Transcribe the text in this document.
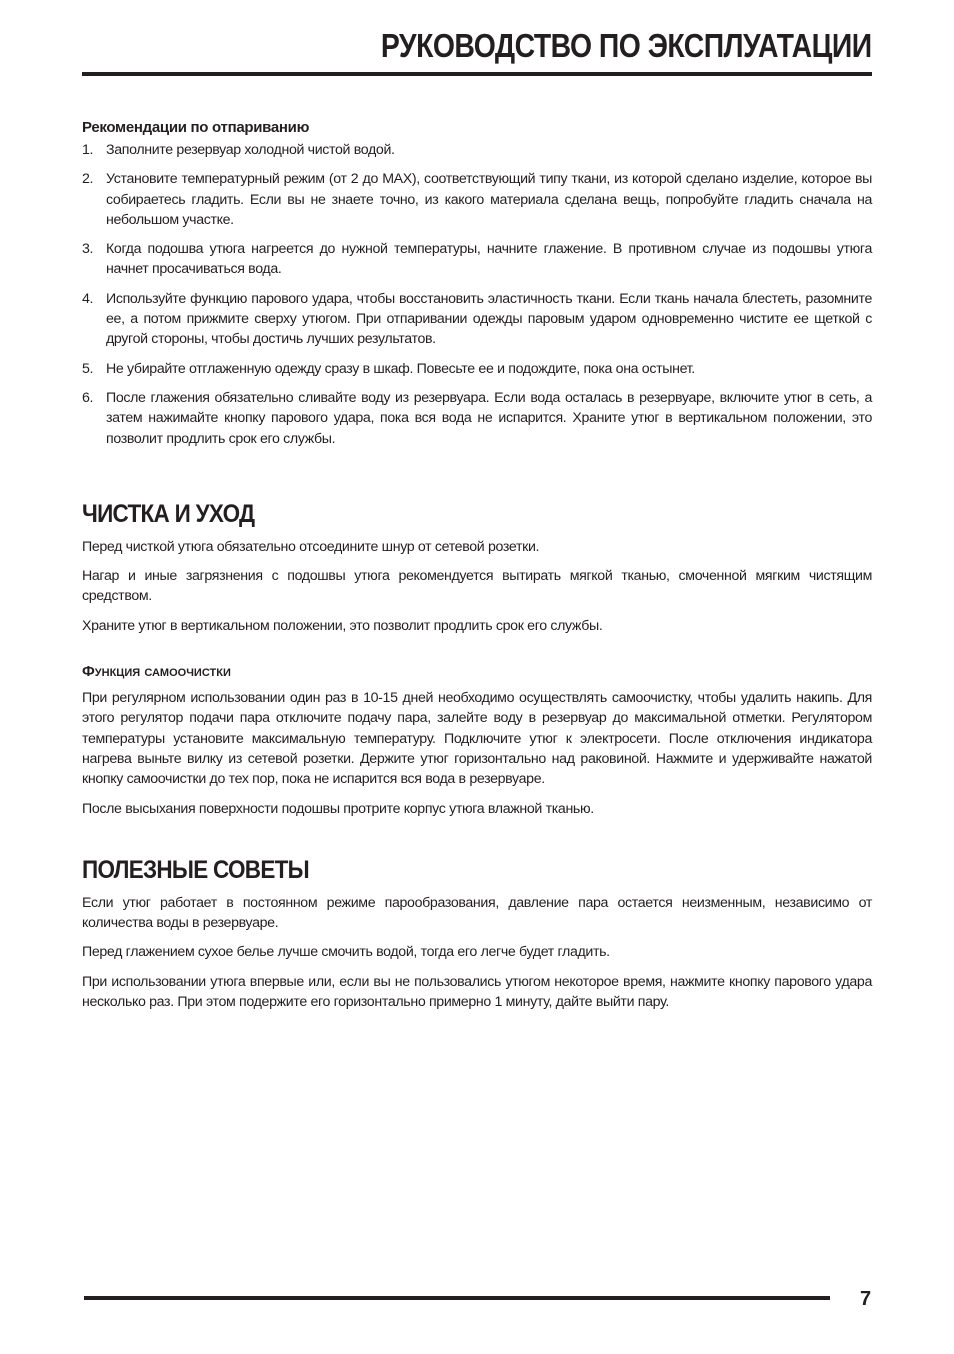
РУКОВОДСТВО ПО ЭКСПЛУАТАЦИИ
Рекомендации по отпариванию
1. Заполните резервуар холодной чистой водой.
2. Установите температурный режим (от 2 до MAX), соответствующий типу ткани, из которой сделано изделие, которое вы собираетесь гладить. Если вы не знаете точно, из какого материала сделана вещь, попробуйте гладить сначала на небольшом участке.
3. Когда подошва утюга нагреется до нужной температуры, начните глажение. В противном случае из подошвы утюга начнет просачиваться вода.
4. Используйте функцию парового удара, чтобы восстановить эластичность ткани. Если ткань начала блестеть, разомните ее, а потом прижмите сверху утюгом. При отпаривании одежды паровым ударом одновременно чистите ее щеткой с другой стороны, чтобы достичь лучших результатов.
5. Не убирайте отглаженную одежду сразу в шкаф. Повесьте ее и подождите, пока она остынет.
6. После глажения обязательно сливайте воду из резервуара. Если вода осталась в резервуаре, включите утюг в сеть, а затем нажимайте кнопку парового удара, пока вся вода не испарится. Храните утюг в вертикальном положении, это позволит продлить срок его службы.
ЧИСТКА И УХОД

Перед чисткой утюга обязательно отсоедините шнур от сетевой розетки.

Нагар и иные загрязнения с подошвы утюга рекомендуется вытирать мягкой тканью, смоченной мягким чистящим средством.

Храните утюг в вертикальном положении, это позволит продлить срок его службы.

Функция самоочистки

При регулярном использовании один раз в 10-15 дней необходимо осуществлять самоочистку, чтобы удалить накипь. Для этого регулятор подачи пара отключите подачу пара, залейте воду в резервуар до максимальной отметки. Регулятором температуры установите максимальную температуру. Подключите утюг к электросети. После отключения индикатора нагрева выньте вилку из сетевой розетки. Держите утюг горизонтально над раковиной. Нажмите и удерживайте нажатой кнопку самоочистки до тех пор, пока не испарится вся вода в резервуаре.

После высыхания поверхности подошвы протрите корпус утюга влажной тканью.

ПОЛЕЗНЫЕ СОВЕТЫ

Если утюг работает в постоянном режиме парообразования, давление пара остается неизменным, независимо от количества воды в резервуаре.

Перед глажением сухое белье лучше смочить водой, тогда его легче будет гладить.

При использовании утюга впервые или, если вы не пользовались утюгом некоторое время, нажмите кнопку парового удара несколько раз. При этом подержите его горизонтально примерно 1 минуту, дайте выйти пару.

7
